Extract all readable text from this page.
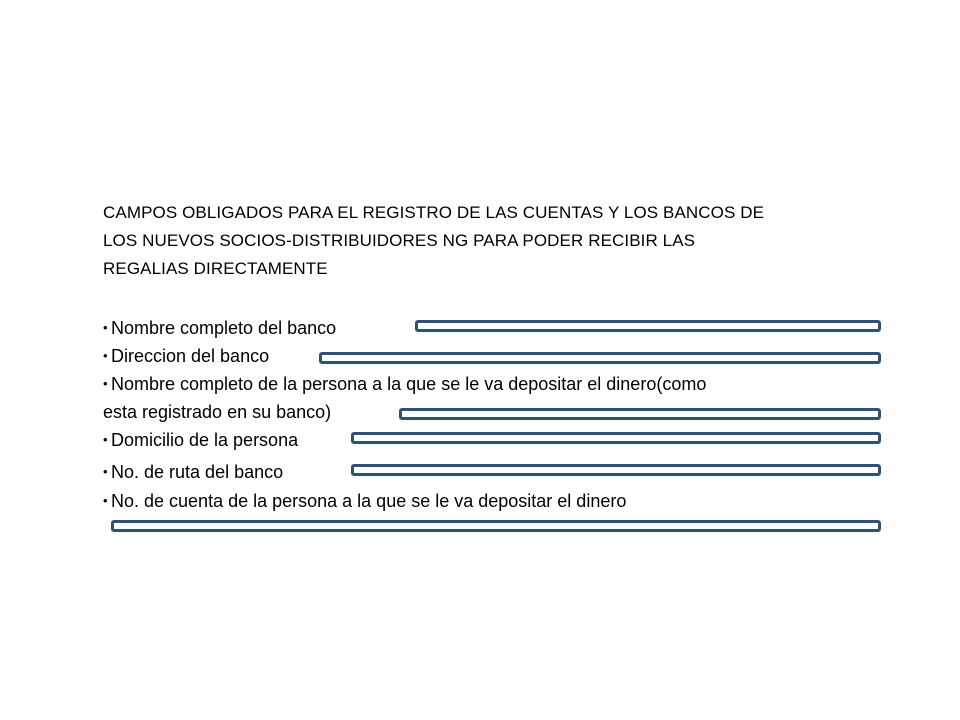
CAMPOS OBLIGADOS PARA EL REGISTRO DE LAS CUENTAS Y LOS BANCOS DE
LOS NUEVOS SOCIOS-DISTRIBUIDORES NG PARA PODER RECIBIR LAS
REGALIAS DIRECTAMENTE
• Nombre completo del banco
• Direccion del banco
• Nombre completo de la persona a la que se le va depositar el dinero(como
esta registrado en su banco)
• Domicilio de la persona
• No. de ruta del banco
• No. de cuenta de la persona a la que se le va depositar el dinero
